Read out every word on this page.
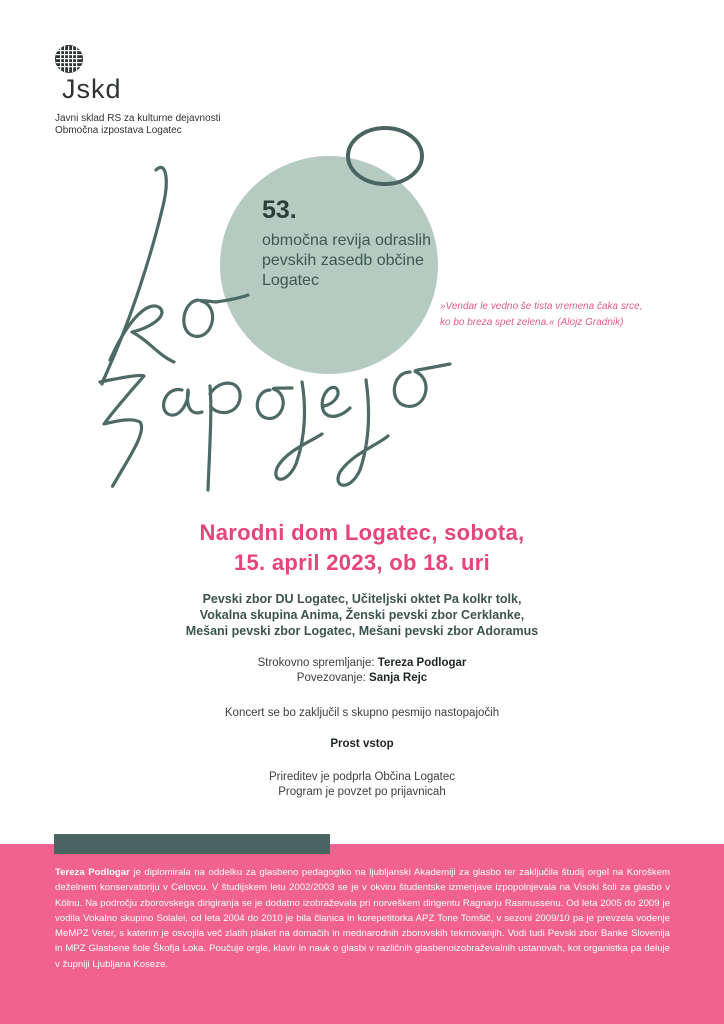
Jskd
Javni sklad RS za kulturne dejavnosti
Območna izpostava Logatec
53.
območna revija odraslih
pevskih zasedb občine
Logatec
»Vendar le vedno še tista vremena čaka srce,
ko bo breza spet zelena.« (Alojz Gradnik)
Narodni dom Logatec, sobota,
15. april 2023, ob 18. uri
Pevski zbor DU Logatec, Učiteljski oktet Pa kolkr tolk,
Vokalna skupina Anima, Ženski pevski zbor Cerklanke,
Mešani pevski zbor Logatec, Mešani pevski zbor Adoramus
Strokovno spremljanje: Tereza Podlogar
Povezovanje: Sanja Rejc
Koncert se bo zaključil s skupno pesmijo nastopajočih
Prost vstop
Prireditev je podprla Občina Logatec
Program je povzet po prijavnicah
Tereza Podlogar je diplomirala na oddelku za glasbeno pedagogiko na ljubljanski Akademiji za glasbo ter zaključila študij orgel na Koroškem deželnem konservatoriju v Celovcu. V študijskem letu 2002/2003 se je v okviru študentske izmenjave izpopolnjevala na Visoki šoli za glasbo v Kölnu. Na področju zborovskega dirigiranja se je dodatno izobraževala pri norveškem dirigentu Ragnarju Rasmussenu. Od leta 2005 do 2009 je vodila Vokalno skupino Solalei, od leta 2004 do 2010 je bila članica in korepetitorka APZ Tone Tomšič, v sezoni 2009/10 pa je prevzela vodenje MeMPZ Veter, s katerim je osvojila več zlatih plaket na domačih in mednarodnih zborovskih tekmovanjih. Vodi tudi Pevski zbor Banke Slovenija in MPZ Glasbene šole Škofja Loka. Poučuje orgle, klavir in nauk o glasbi v različnih glasbenoizobraževalnih ustanovah, kot organistka pa deluje v župniji Ljubljana Koseze.
